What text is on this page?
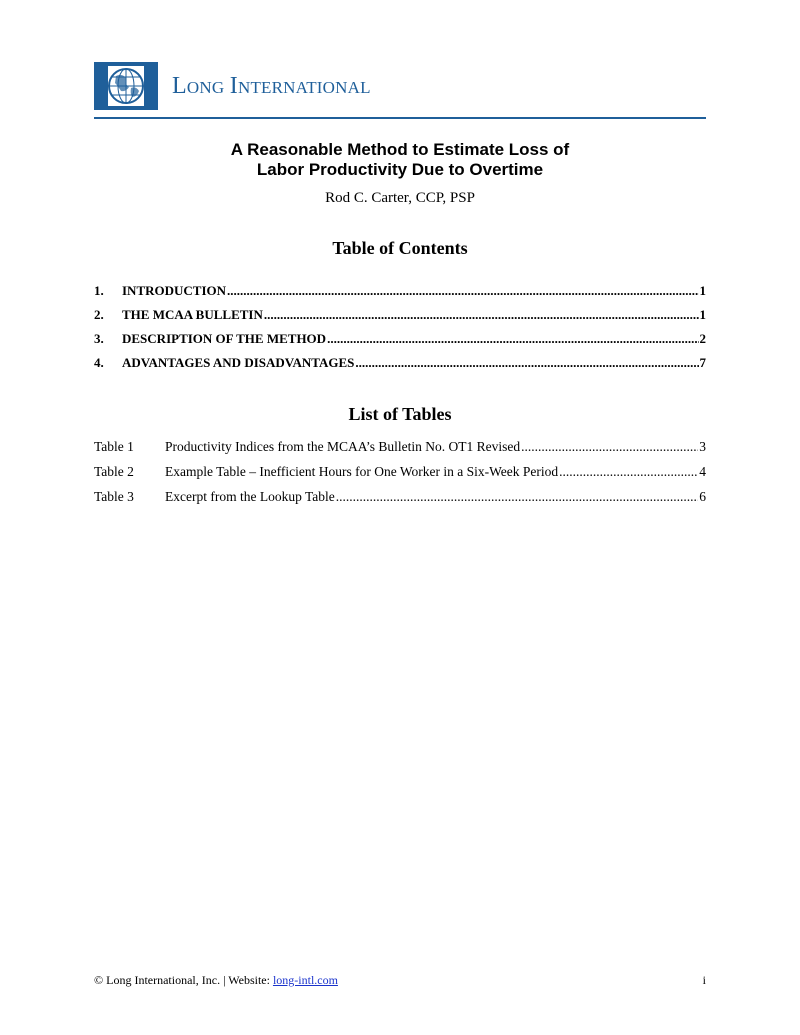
LONG INTERNATIONAL
A Reasonable Method to Estimate Loss of
Labor Productivity Due to Overtime
Rod C. Carter, CCP, PSP
Table of Contents
1.	INTRODUCTION .....	1
2.	THE MCAA BULLETIN .....	1
3.	DESCRIPTION OF THE METHOD .....	2
4.	ADVANTAGES AND DISADVANTAGES .....	7
List of Tables
Table 1	Productivity Indices from the MCAA’s Bulletin No. OT1 Revised .....	3
Table 2	Example Table – Inefficient Hours for One Worker in a Six-Week Period .....	4
Table 3	Excerpt from the Lookup Table .....	6
© Long International, Inc. | Website: long-intl.com	i
